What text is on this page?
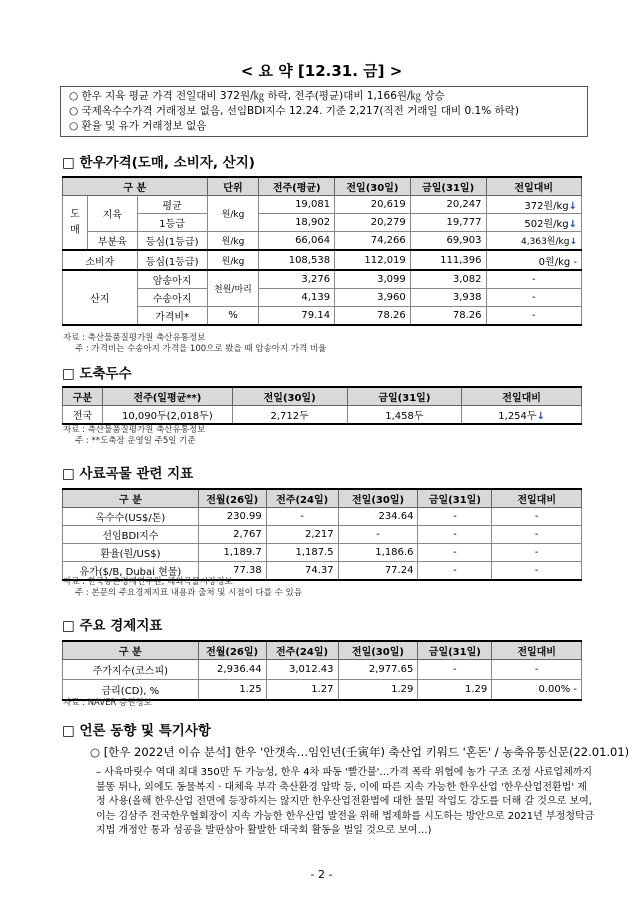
< 요 약 [12.31. 금] >
○ 한우 지육 평균 가격 전일대비 372원/㎏ 하락, 전주(평균)대비 1,166원/㎏ 상승
○ 국제옥수수가격 거래정보 없음, 선임BDI지수 12.24. 기준 2,217(직전 거래일 대비 0.1% 하락)
○ 환율 및 유가 거래정보 없음
□ 한우가격(도매, 소비자, 산지)
구 분			단위	전주(평균)	전일(30일)	금일(31일)	전일대비
도매	지육	평균	원/kg	19,081	20,619	20,247	372원/kg↓
		1등급		18,902	20,279	19,777	502원/kg↓
	부분육	등심(1등급)	원/kg	66,064	74,266	69,903	4,363원/kg↓
소비자		등심(1등급)	원/kg	108,538	112,019	111,396	0원/kg -
산지		암송아지	천원/마리	3,276	3,099	3,082	-
		수송아지		4,139	3,960	3,938	-
		가격비*	%	79.14	78.26	78.26	-
자료 : 축산물품질평가원 축산유통정보
주 : 가격비는 수송아지 가격을 100으로 봤을 때 암송아지 가격 비율
□ 도축두수
구분	전주(일평균**)	전일(30일)	금일(31일)	전일대비
전국	10,090두(2,018두)	2,712두	1,458두	1,254두↓
자료 : 축산물품질평가원 축산유통정보
주 : **도축장 운영일 주5일 기준
□ 사료곡물 관련 지표
구 분	전월(26일)	전주(24일)	전일(30일)	금일(31일)	전일대비
옥수수(US$/톤)	230.99	-	234.64	-	-
선임BDI지수	2,767	2,217	-	-	-
환율(원/US$)	1,189.7	1,187.5	1,186.6	-	-
유가($/B, Dubai 현물)	77.38	74.37	77.24	-	-
자료 : 한국농촌경제연구원, 해외곡물시장정보
주 : 본문의 주요경제지표 내용과 출처 및 시점이 다를 수 있음
□ 주요 경제지표
구 분	전월(26일)	전주(24일)	전일(30일)	금일(31일)	전일대비
주가지수(코스피)	2,936.44	3,012.43	2,977.65	-	-
금리(CD), %	1.25	1.27	1.29	1.29	0.00% -
자료 : NAVER 증권정보
□ 언론 동향 및 특기사항
○ [한우 2022년 이슈 분석] 한우 '안갯속…임인년(壬寅年) 축산업 키워드 '혼돈' / 농축유통신문(22.01.01)
– 사육마릿수 역대 최대 350만 두 가능성, 한우 4차 파동 '빨간불'…가격 폭락 위협에 농가 구조 조정 사료업체까지 불똥 튀나, 외에도 동물복지 · 대체육 부각 축산환경 압박 등, 이에 따른 지속 가능한 한우산업 '한우산업전환법' 제정 사용(올해 한우산업 전면에 등장하지는 않지만 한우산업전환법에 대한 물밑 작업도 강도를 더해 갈 것으로 보여, 이는 김삼주 전국한우협회장이 지속 가능한 한우산업 발전을 위해 법제화를 시도하는 방안으로 2021년 부정청탁금지법 개정안 통과 성공을 발판삼아 활발한 대국회 활동을 벌일 것으로 보여…)
- 2 -
